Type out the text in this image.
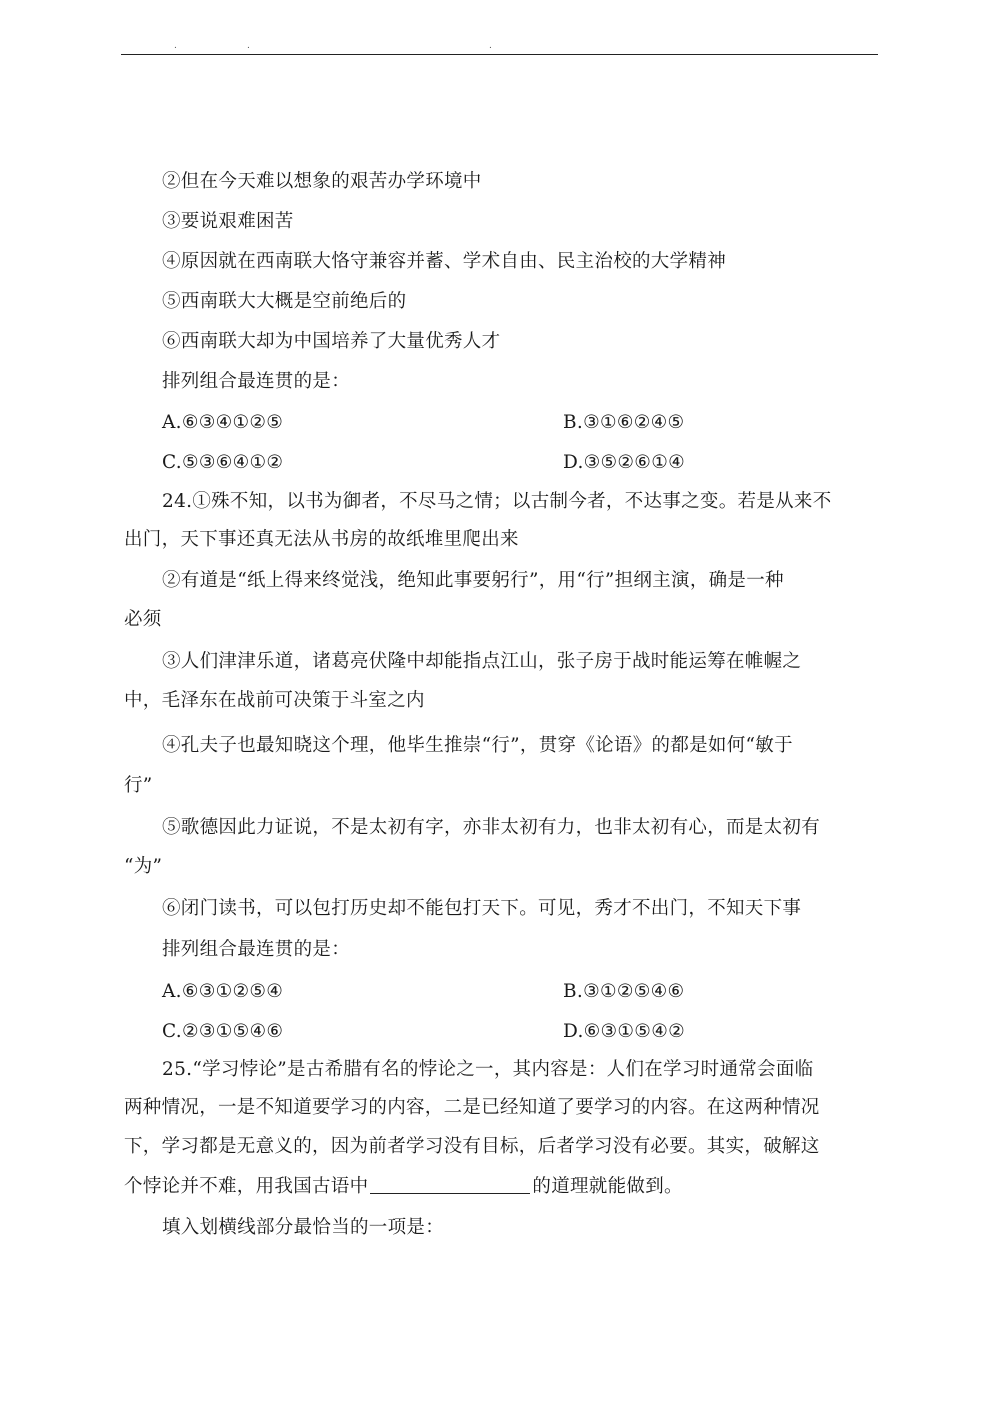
.	.	.
②但在今天难以想象的艰苦办学环境中
③要说艰难困苦
④原因就在西南联大恪守兼容并蓄、学术自由、民主治校的大学精神
⑤西南联大大概是空前绝后的
⑥西南联大却为中国培养了大量优秀人才
排列组合最连贯的是：
A.⑥③④①②⑤	B.③①⑥②④⑤
C.⑤③⑥④①②	D.③⑤②⑥①④
24.①殊不知，以书为御者，不尽马之情；以古制今者，不达事之变。若是从来不
出门，天下事还真无法从书房的故纸堆里爬出来
②有道是“纸上得来终觉浅，绝知此事要躬行”，用“行”担纲主演，确是一种
必须
③人们津津乐道，诸葛亮伏隆中却能指点江山，张子房于战时能运筹在帷幄之
中，毛泽东在战前可决策于斗室之内
④孔夫子也最知晓这个理，他毕生推崇“行”，贯穿《论语》的都是如何“敏于
行”
⑤歌德因此力证说，不是太初有字，亦非太初有力，也非太初有心，而是太初有
“为”
⑥闭门读书，可以包打历史却不能包打天下。可见，秀才不出门，不知天下事
排列组合最连贯的是：
A.⑥③①②⑤④	B.③①②⑤④⑥
C.②③①⑤④⑥	D.⑥③①⑤④②
25.“学习悖论”是古希腊有名的悖论之一，其内容是：人们在学习时通常会面临
两种情况，一是不知道要学习的内容，二是已经知道了要学习的内容。在这两种情况
下，学习都是无意义的，因为前者学习没有目标，后者学习没有必要。其实，破解这
个悖论并不难，用我国古语中	的道理就能做到。
填入划横线部分最恰当的一项是：
